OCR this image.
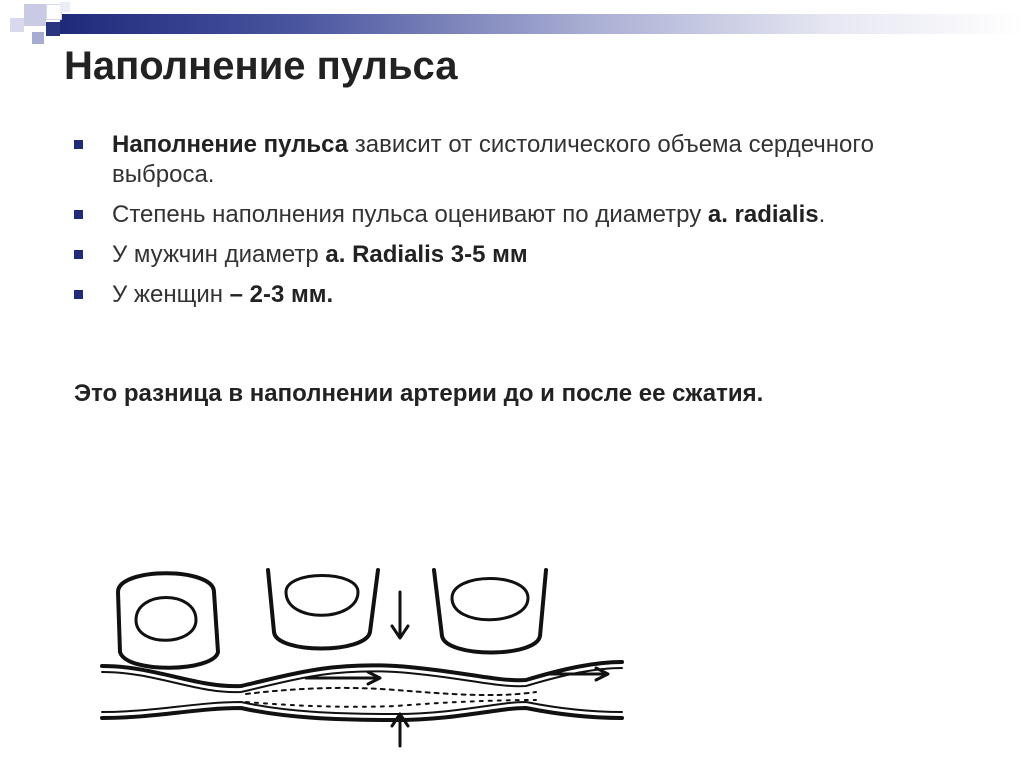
Наполнение пульса
Наполнение пульса зависит от систолического объема сердечного выброса.
Степень наполнения пульса оценивают по диаметру a. radialis.
У мужчин диаметр a. Radialis 3-5 мм
У женщин – 2-3 мм.
Это разница в наполнении артерии до и после ее сжатия.
